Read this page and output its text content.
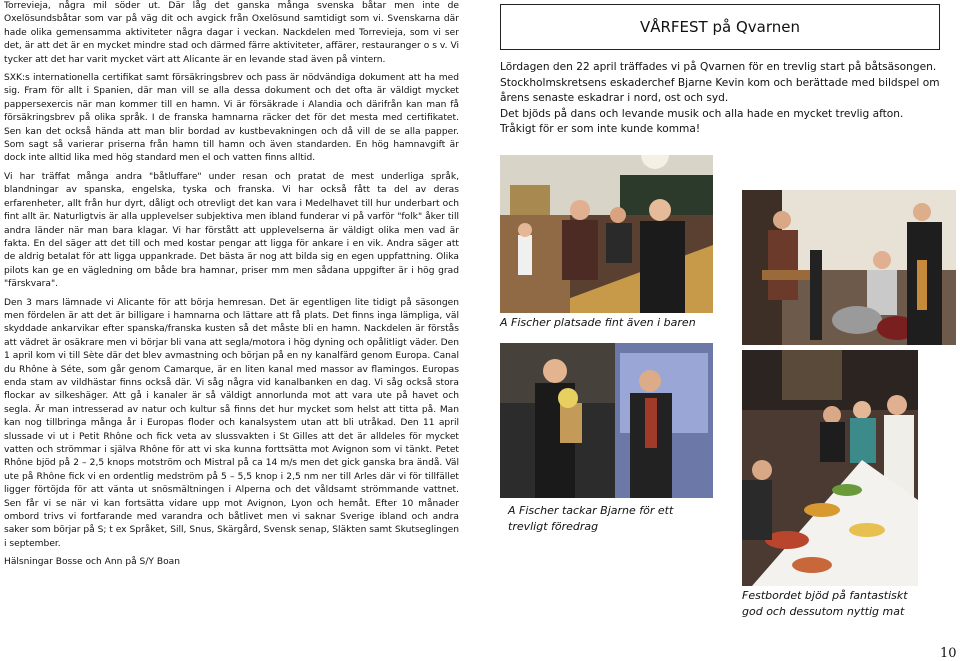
Torrevieja, några mil söder ut. Där låg det ganska många svenska båtar men inte de Oxelösundsbåtar som var på väg dit och avgick från Oxelösund samtidigt som vi. Svenskarna där hade olika gemensamma aktiviteter några dagar i veckan. Nackdelen med Torrevieja, som vi ser det, är att det är en mycket mindre stad och därmed färre aktiviteter, affärer, restauranger o s v. Vi tycker att det har varit mycket värt att Alicante är en levande stad även på vintern.

SXK:s internationella certifikat samt försäkringsbrev och pass är nödvändiga dokument att ha med sig. Fram för allt i Spanien, där man vill se alla dessa dokument och det ofta är väldigt mycket pappersexercis när man kommer till en hamn. Vi är försäkrade i Alandia och därifrån kan man få försäkringsbrev på olika språk. I de franska hamnarna räcker det för det mesta med certifikatet. Sen kan det också hända att man blir bordad av kustbevakningen och då vill de se alla papper. Som sagt så varierar priserna från hamn till hamn och även standarden. En hög hamnavgift är dock inte alltid lika med hög standard men el och vatten finns alltid.

Vi har träffat många andra "båtluffare" under resan och pratat de mest underliga språk, blandningar av spanska, engelska, tyska och franska. Vi har också fått ta del av deras erfarenheter, allt från hur dyrt, dåligt och otrevligt det kan vara i Medelhavet till hur underbart och fint allt är. Naturligtvis är alla upplevelser subjektiva men ibland funderar vi på varför "folk" åker till andra länder när man bara klagar. Vi har förstått att upplevelserna är väldigt olika men vad är fakta. En del säger att det till och med kostar pengar att ligga för ankare i en vik. Andra säger att de aldrig betalat för att ligga uppankrade. Det bästa är nog att bilda sig en egen uppfattning. Olika pilots kan ge en vägledning om både bra hamnar, priser mm men sådana uppgifter är i hög grad "färskvara".

Den 3 mars lämnade vi Alicante för att börja hemresan. Det är egentligen lite tidigt på säsongen men fördelen är att det är billigare i hamnarna och lättare att få plats. Det finns inga lämpliga, väl skyddade ankarvikar efter spanska/franska kusten så det måste bli en hamn. Nackdelen är förstås att vädret är osäkrare men vi börjar bli vana att segla/motora i hög dyning och opålitligt väder. Den 1 april kom vi till Sète där det blev avmastning och början på en ny kanalfärd genom Europa. Canal du Rhône à Séte, som går genom Camarque, är en liten kanal med massor av flamingos. Europas enda stam av vildhästar finns också där. Vi såg några vid kanalbanken en dag. Vi såg också stora flockar av silkeshäger. Att gå i kanaler är så väldigt annorlunda mot att vara ute på havet och segla. Är man intresserad av natur och kultur så finns det hur mycket som helst att titta på. Man kan nog tillbringa många år i Europas floder och kanalsystem utan att bli utråkad. Den 11 april slussade vi ut i Petit Rhône och fick veta av slussvakten i St Gilles att det är alldeles för mycket vatten och strömmar i själva Rhône för att vi ska kunna forttsätta mot Avignon som vi tänkt. Petet Rhône bjöd på 2 – 2,5 knops motström och Mistral på ca 14 m/s men det gick ganska bra ändå. Väl ute på Rhône fick vi en ordentlig medström på 5 – 5,5 knop i 2,5 nm ner till Arles där vi för tillfället ligger förtöjda för att vänta ut snösmältningen i Alperna och det våldsamt strömmande vattnet. Sen får vi se när vi kan fortsätta vidare upp mot Avignon, Lyon och hemåt. Efter 10 månader ombord trivs vi fortfarande med varandra och båtlivet men vi saknar Sverige ibland och andra saker som börjar på S; t ex Språket, Sill, Snus, Skärgård, Svensk senap, Släkten samt Skutseglingen i september.

Hälsningar Bosse och Ann på S/Y Boan

VÅRFEST på Qvarnen
Lördagen den 22 april träffades vi på Qvarnen för en trevlig start på båtsäsongen.
Stockholmskretsens eskaderchef Bjarne Kevin kom och berättade med bildspel om
årens senaste eskadrar i nord, ost och syd.
Det bjöds på dans och levande musik och alla hade en mycket trevlig afton.
Tråkigt för er som inte kunde komma!
A Fischer platsade fint även i baren
A Fischer tackar Bjarne för ett
trevligt föredrag
Festbordet bjöd på fantastiskt
god och dessutom nyttig mat
10
